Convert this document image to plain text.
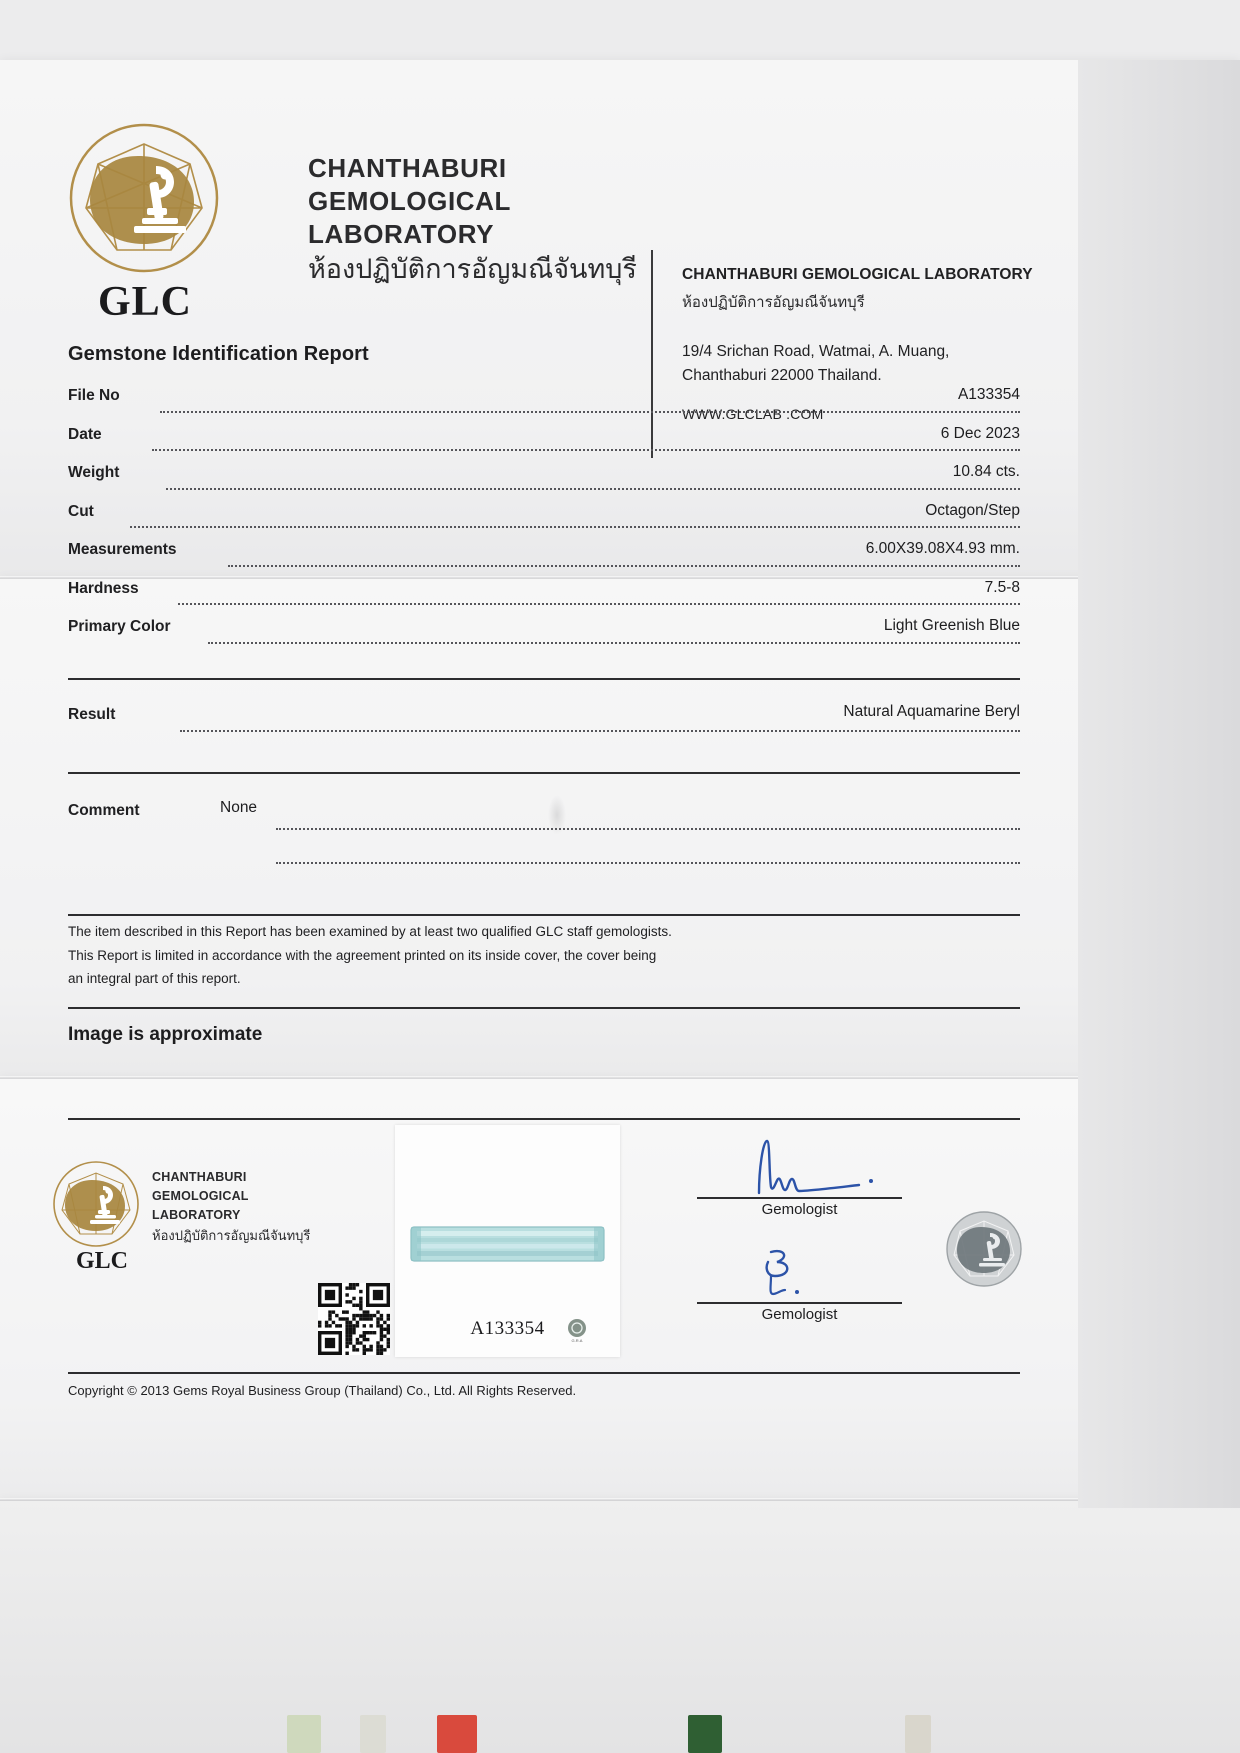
CHANTHABURI
GEMOLOGICAL
LABORATORY
ห้องปฏิบัติการอัญมณีจันทบุรี	CHANTHABURI GEMOLOGICAL LABORATORY
ห้องปฏิบัติการอัญมณีจันทบุรี
19/4 Srichan Road, Watmai, A. Muang,
Chanthaburi 22000 Thailand.
WWW.GLCLAB .COM
GLC
Gemstone Identification Report
File No	A133354
Date	6 Dec 2023
Weight	10.84 cts.
Cut	Octagon/Step
Measurements	6.00X39.08X4.93 mm.
Hardness	7.5-8
Primary Color	Light Greenish Blue
Result	Natural Aquamarine Beryl
Comment	None
The item described in this Report has been examined by at least two qualified GLC staff gemologists.
This Report is limited in accordance with the agreement printed on its inside cover, the cover being
an integral part of this report.
Image is approximate
CHANTHABURI
GEMOLOGICAL
LABORATORY
ห้องปฏิบัติการอัญมณีจันทบุรี
GLC
A133354
G.R.A
Gemologist
Gemologist
Copyright © 2013 Gems Royal Business Group (Thailand) Co., Ltd. All Rights Reserved.
